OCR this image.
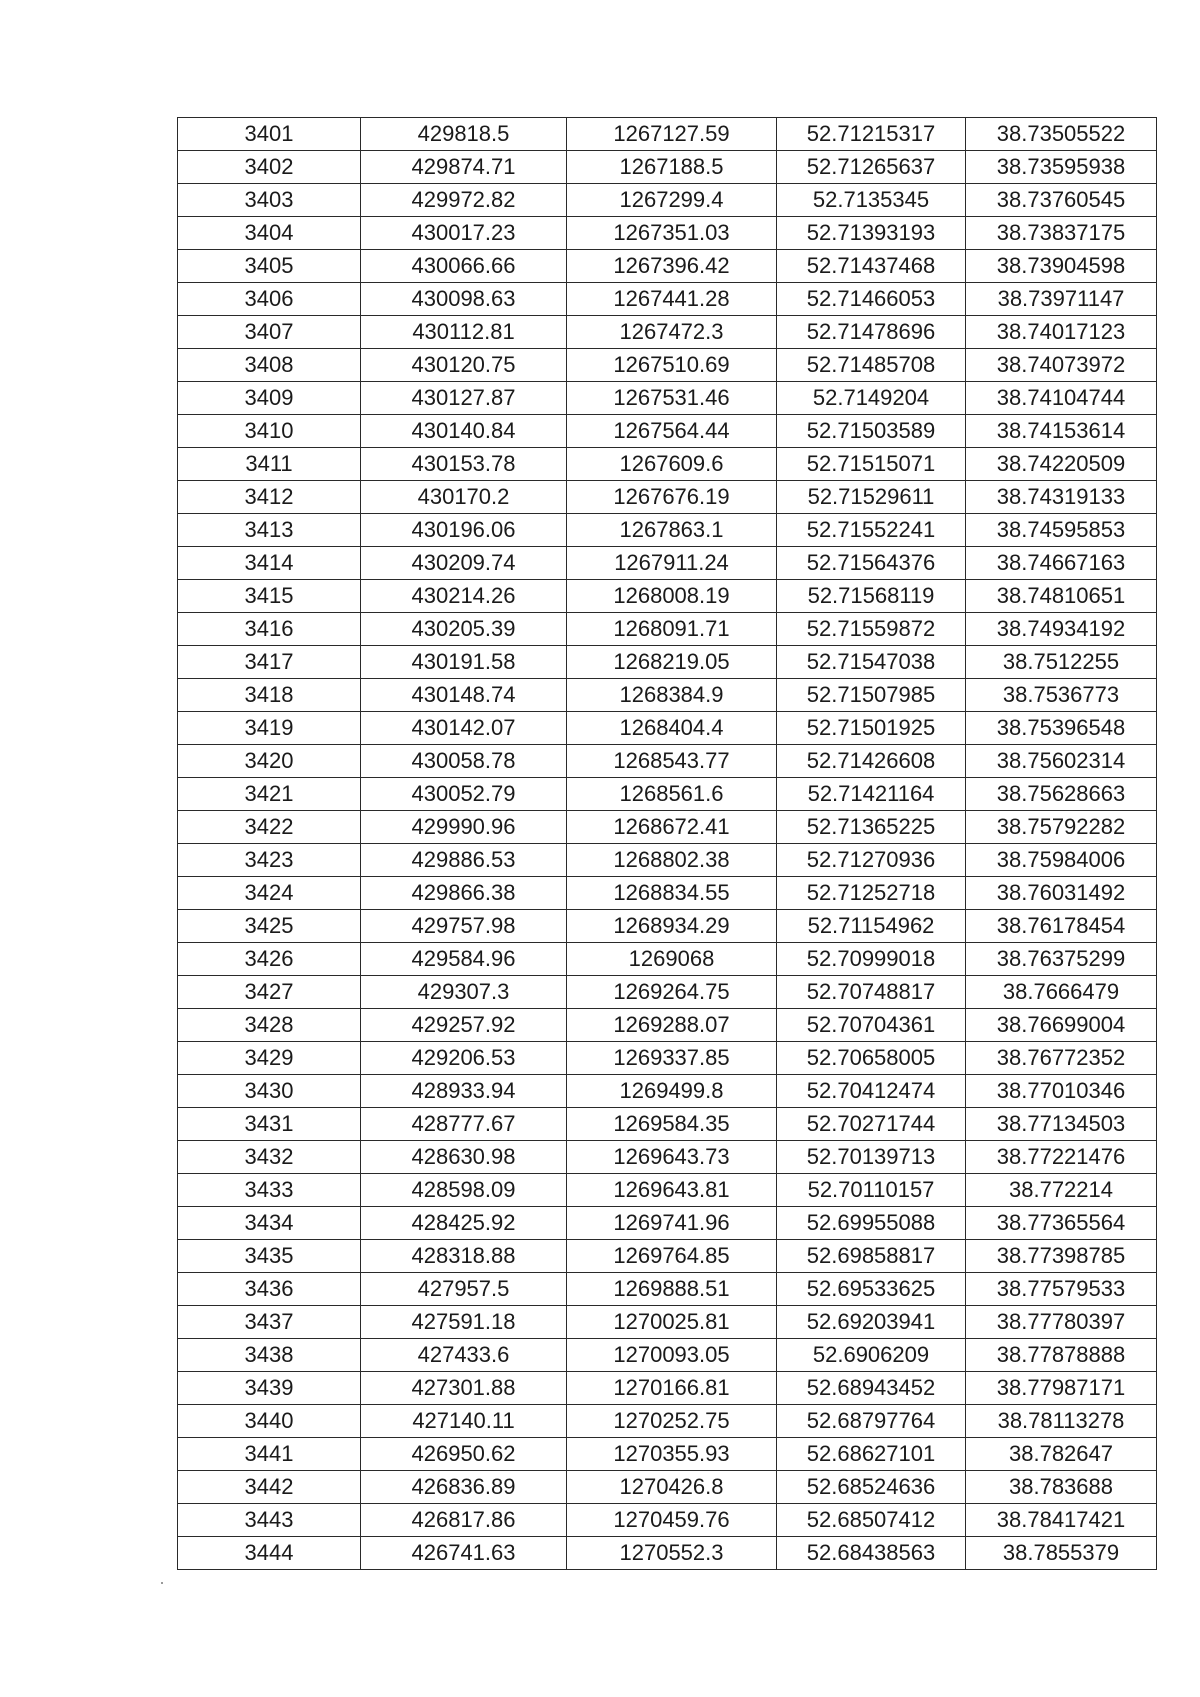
3401	429818.5	1267127.59	52.71215317	38.73505522
3402	429874.71	1267188.5	52.71265637	38.73595938
3403	429972.82	1267299.4	52.7135345	38.73760545
3404	430017.23	1267351.03	52.71393193	38.73837175
3405	430066.66	1267396.42	52.71437468	38.73904598
3406	430098.63	1267441.28	52.71466053	38.73971147
3407	430112.81	1267472.3	52.71478696	38.74017123
3408	430120.75	1267510.69	52.71485708	38.74073972
3409	430127.87	1267531.46	52.7149204	38.74104744
3410	430140.84	1267564.44	52.71503589	38.74153614
3411	430153.78	1267609.6	52.71515071	38.74220509
3412	430170.2	1267676.19	52.71529611	38.74319133
3413	430196.06	1267863.1	52.71552241	38.74595853
3414	430209.74	1267911.24	52.71564376	38.74667163
3415	430214.26	1268008.19	52.71568119	38.74810651
3416	430205.39	1268091.71	52.71559872	38.74934192
3417	430191.58	1268219.05	52.71547038	38.7512255
3418	430148.74	1268384.9	52.71507985	38.7536773
3419	430142.07	1268404.4	52.71501925	38.75396548
3420	430058.78	1268543.77	52.71426608	38.75602314
3421	430052.79	1268561.6	52.71421164	38.75628663
3422	429990.96	1268672.41	52.71365225	38.75792282
3423	429886.53	1268802.38	52.71270936	38.75984006
3424	429866.38	1268834.55	52.71252718	38.76031492
3425	429757.98	1268934.29	52.71154962	38.76178454
3426	429584.96	1269068	52.70999018	38.76375299
3427	429307.3	1269264.75	52.70748817	38.7666479
3428	429257.92	1269288.07	52.70704361	38.76699004
3429	429206.53	1269337.85	52.70658005	38.76772352
3430	428933.94	1269499.8	52.70412474	38.77010346
3431	428777.67	1269584.35	52.70271744	38.77134503
3432	428630.98	1269643.73	52.70139713	38.77221476
3433	428598.09	1269643.81	52.70110157	38.772214
3434	428425.92	1269741.96	52.69955088	38.77365564
3435	428318.88	1269764.85	52.69858817	38.77398785
3436	427957.5	1269888.51	52.69533625	38.77579533
3437	427591.18	1270025.81	52.69203941	38.77780397
3438	427433.6	1270093.05	52.6906209	38.77878888
3439	427301.88	1270166.81	52.68943452	38.77987171
3440	427140.11	1270252.75	52.68797764	38.78113278
3441	426950.62	1270355.93	52.68627101	38.782647
3442	426836.89	1270426.8	52.68524636	38.783688
3443	426817.86	1270459.76	52.68507412	38.78417421
3444	426741.63	1270552.3	52.68438563	38.7855379
